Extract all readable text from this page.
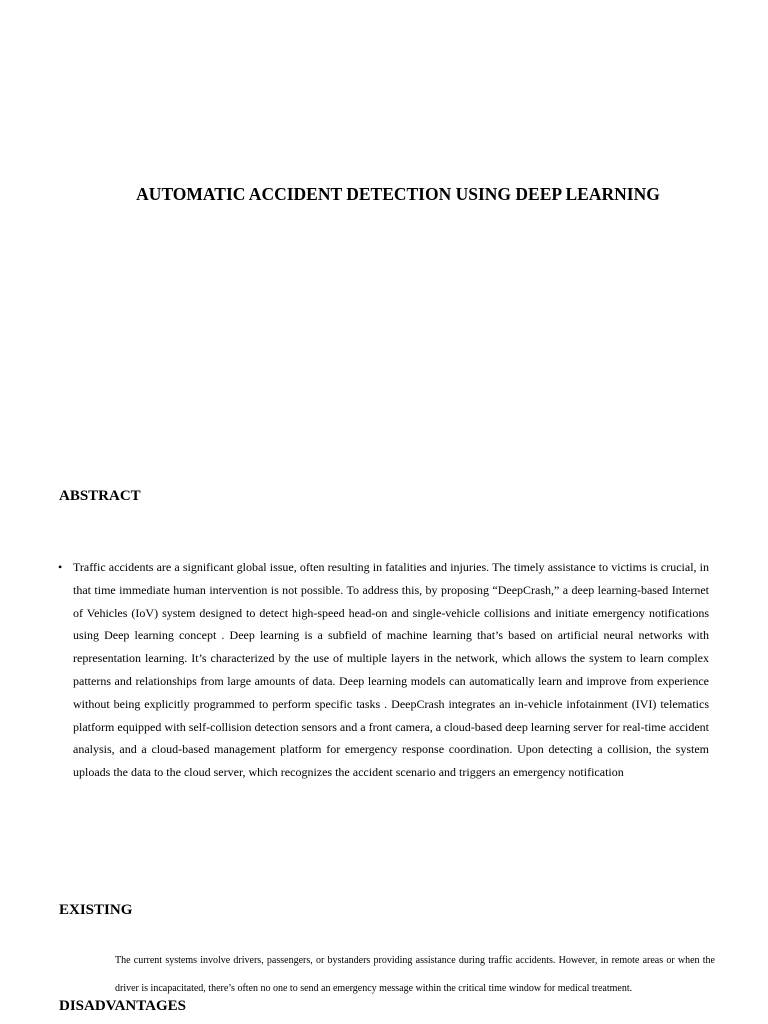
AUTOMATIC ACCIDENT DETECTION USING DEEP LEARNING
ABSTRACT
• Traffic accidents are a significant global issue, often resulting in fatalities and injuries. The timely assistance to victims is crucial, in that time immediate human intervention is not possible. To address this, by proposing “DeepCrash,” a deep learning-based Internet of Vehicles (IoV) system designed to detect high-speed head-on and single-vehicle collisions and initiate emergency notifications using Deep learning concept . Deep learning is a subfield of machine learning that’s based on artificial neural networks with representation learning. It’s characterized by the use of multiple layers in the network, which allows the system to learn complex patterns and relationships from large amounts of data. Deep learning models can automatically learn and improve from experience without being explicitly programmed to perform specific tasks . DeepCrash integrates an in-vehicle infotainment (IVI) telematics platform equipped with self-collision detection sensors and a front camera, a cloud-based deep learning server for real-time accident analysis, and a cloud-based management platform for emergency response coordination. Upon detecting a collision, the system uploads the data to the cloud server, which recognizes the accident scenario and triggers an emergency notification

EXISTING

The current systems involve drivers, passengers, or bystanders providing assistance during traffic accidents. However, in remote areas or when the driver is incapacitated, there’s often no one to send an emergency message within the critical time window for medical treatment.

DISADVANTAGES
